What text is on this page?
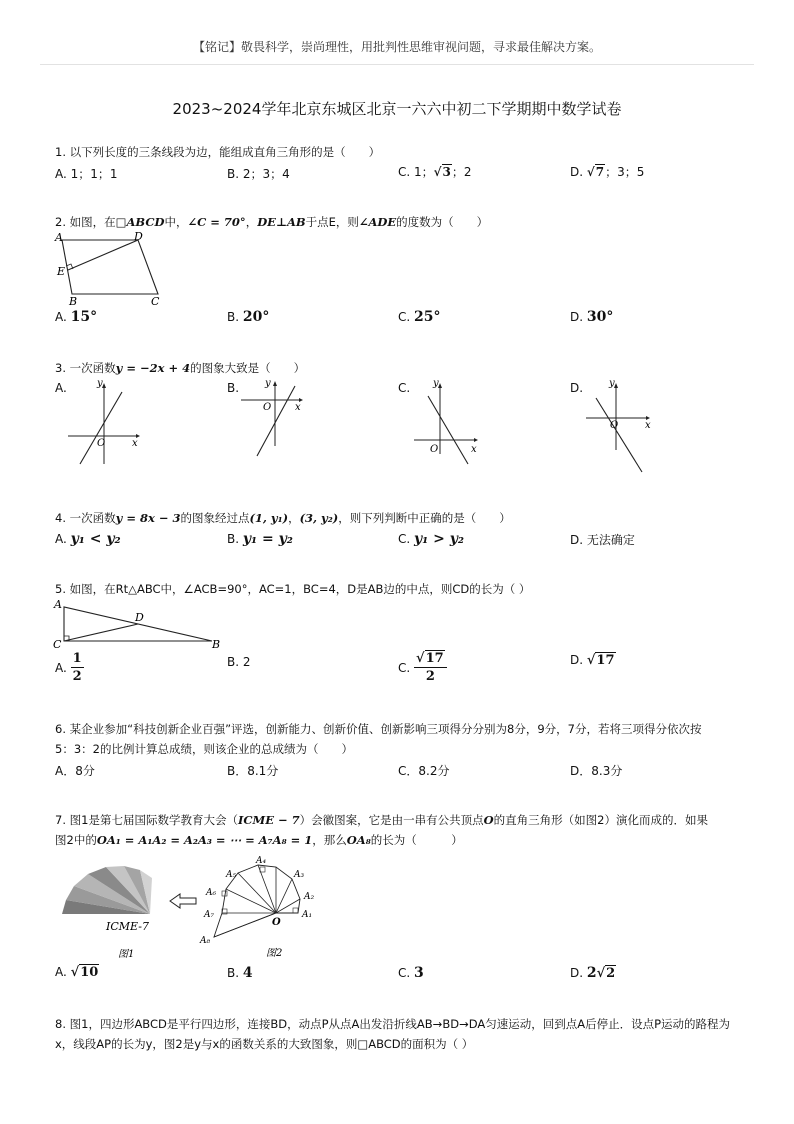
【铭记】敬畏科学，崇尚理性，用批判性思维审视问题，寻求最佳解决方案。
2023~2024学年北京东城区北京一六六中初二下学期期中数学试卷
1. 以下列长度的三条线段为边，能组成直角三角形的是（　　）
A. 1；1；1	B. 2；3；4	C. 1；√3；2	D. √7；3；5
2. 如图，在□ABCD中，∠C = 70°，DE⊥AB于点E，则∠ADE的度数为（　　）
A	D
E
B	C
A. 15°	B. 20°	C. 25°	D. 30°
3. 一次函数y = −2x + 4的图象大致是（　　）
A.	B.	C.	D.
y
x
O
y
x
O
y
x
O
y
x
O
4. 一次函数y = 8x − 3的图象经过点(1, y₁)，(3, y₂)，则下列判断中正确的是（　　）
A. y₁ < y₂	B. y₁ = y₂	C. y₁ > y₂	D. 无法确定
5. 如图，在Rt△ABC中，∠ACB=90°，AC=1，BC=4，D是AB边的中点，则CD的长为（ ）
A
D
C	B
A. $\frac{1}{2}$	B. 2	C. $\frac{√17}{2}$	D. √17
6. 某企业参加“科技创新企业百强”评选，创新能力、创新价值、创新影响三项得分分别为8分，9分，7分，若将三项得分依次按
5：3：2的比例计算总成绩，则该企业的总成绩为（　　）
A．8分	B．8.1分	C．8.2分	D．8.3分
7. 图1是第七届国际数学教育大会（ICME − 7）会徽图案，它是由一串有公共顶点O的直角三角形（如图2）演化而成的．如果
图2中的OA₁ = A₁A₂ = A₂A₃ = ⋯ = A₇A₈ = 1，那么OA₈的长为（　　　）
ICME-7
图1
A₁
A₂
A₃
A₄
A₅
A₆
A₇
A₈
O
图2
A. √10	B. 4	C. 3	D. 2√2
8. 图1，四边形ABCD是平行四边形，连接BD，动点P从点A出发沿折线AB→BD→DA匀速运动，回到点A后停止．设点P运动的路程为
x，线段AP的长为y，图2是y与x的函数关系的大致图象，则□ABCD的面积为（ ）
